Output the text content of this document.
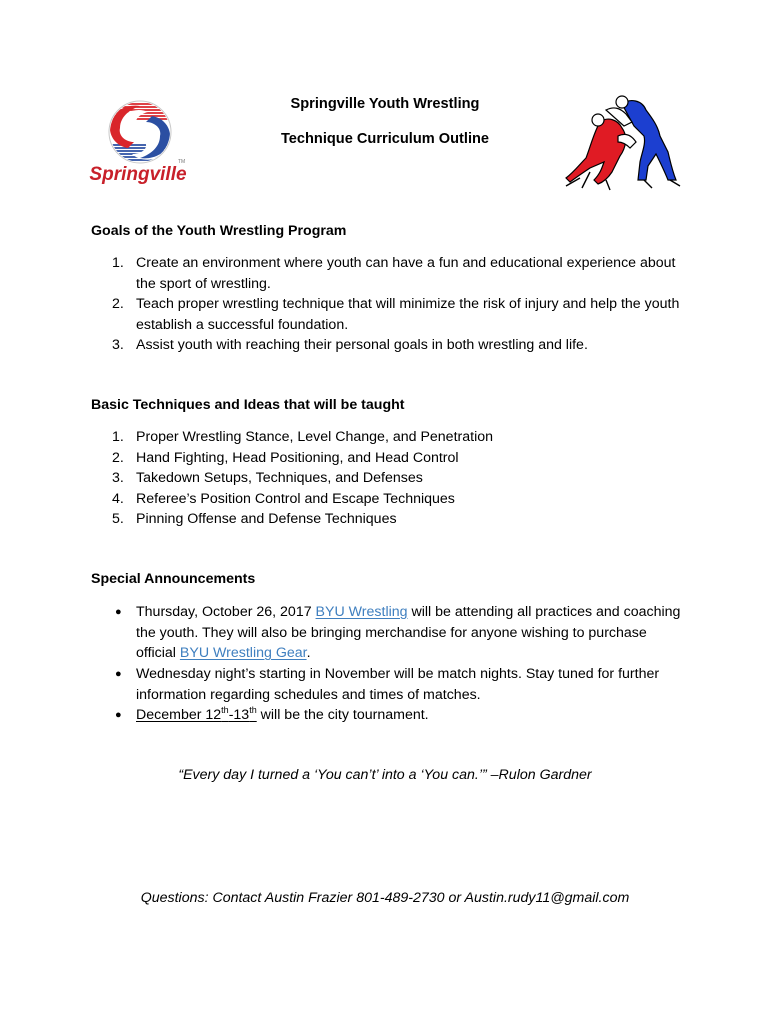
Springville
TM
Springville Youth Wrestling
Technique Curriculum Outline
Goals of the Youth Wrestling Program
1. Create an environment where youth can have a fun and educational experience about
the sport of wrestling.
2. Teach proper wrestling technique that will minimize the risk of injury and help the youth
establish a successful foundation.
3. Assist youth with reaching their personal goals in both wrestling and life.
Basic Techniques and Ideas that will be taught
1. Proper Wrestling Stance, Level Change, and Penetration
2. Hand Fighting, Head Positioning, and Head Control
3. Takedown Setups, Techniques, and Defenses
4. Referee’s Position Control and Escape Techniques
5. Pinning Offense and Defense Techniques
Special Announcements
● Thursday, October 26, 2017 BYU Wrestling will be attending all practices and coaching
the youth. They will also be bringing merchandise for anyone wishing to purchase
official BYU Wrestling Gear.
● Wednesday night’s starting in November will be match nights. Stay tuned for further
information regarding schedules and times of matches.
● December 12th-13th will be the city tournament.
“Every day I turned a ‘You can’t’ into a ‘You can.’” –Rulon Gardner
Questions: Contact Austin Frazier 801-489-2730 or Austin.rudy11@gmail.com
